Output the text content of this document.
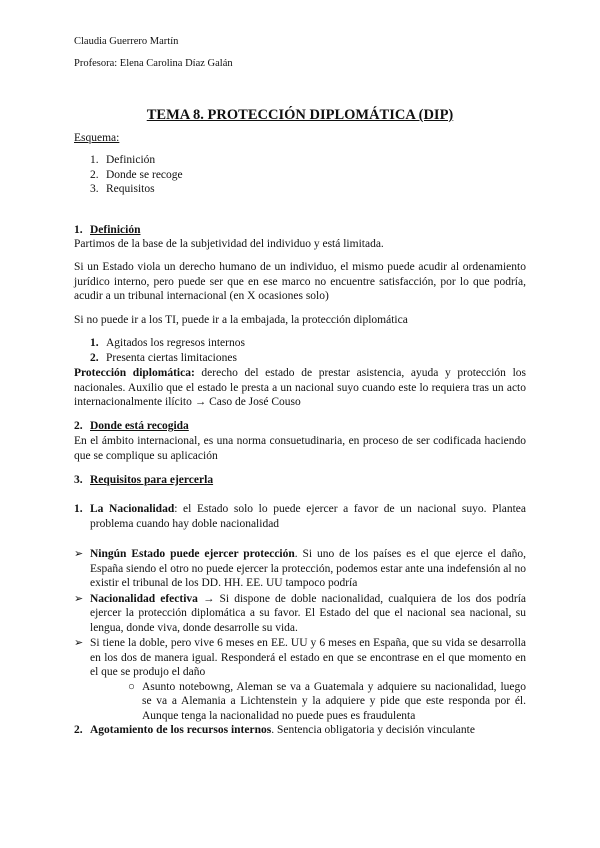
Claudia Guerrero Martín

Profesora: Elena Carolina Díaz Galán

TEMA 8. PROTECCIÓN DIPLOMÁTICA (DIP)

Esquema:

1. Definición
2. Donde se recoge
3. Requisitos

1. Definición

Partimos de la base de la subjetividad del individuo y está limitada.

Si un Estado viola un derecho humano de un individuo, el mismo puede acudir al ordenamiento jurídico interno, pero puede ser que en ese marco no encuentre satisfacción, por lo que podría, acudir a un tribunal internacional (en X ocasiones solo)

Si no puede ir a los TI, puede ir a la embajada, la protección diplomática

1. Agitados los regresos internos
2. Presenta ciertas limitaciones

Protección diplomática: derecho del estado de prestar asistencia, ayuda y protección los nacionales. Auxilio que el estado le presta a un nacional suyo cuando este lo requiera tras un acto internacionalmente ilícito → Caso de José Couso

2. Donde está recogida

En el ámbito internacional, es una norma consuetudinaria, en proceso de ser codificada haciendo que se complique su aplicación

3. Requisitos para ejercerla

1. La Nacionalidad: el Estado solo lo puede ejercer a favor de un nacional suyo. Plantea problema cuando hay doble nacionalidad
➢ Ningún Estado puede ejercer protección. Si uno de los países es el que ejerce el daño, España siendo el otro no puede ejercer la protección, podemos estar ante una indefensión al no existir el tribunal de los DD. HH. EE. UU tampoco podría
➢ Nacionalidad efectiva → Si dispone de doble nacionalidad, cualquiera de los dos podría ejercer la protección diplomática a su favor. El Estado del que el nacional sea nacional, su lengua, donde viva, donde desarrolle su vida.
➢ Si tiene la doble, pero vive 6 meses en EE. UU y 6 meses en España, que su vida se desarrolla en los dos de manera igual. Responderá el estado en que se encontrase en el que momento en el que se produjo el daño
○ Asunto notebowng, Aleman se va a Guatemala y adquiere su nacionalidad, luego se va a Alemania a Lichtenstein y la adquiere y pide que este responda por él. Aunque tenga la nacionalidad no puede pues es fraudulenta
2. Agotamiento de los recursos internos. Sentencia obligatoria y decisión vinculante
